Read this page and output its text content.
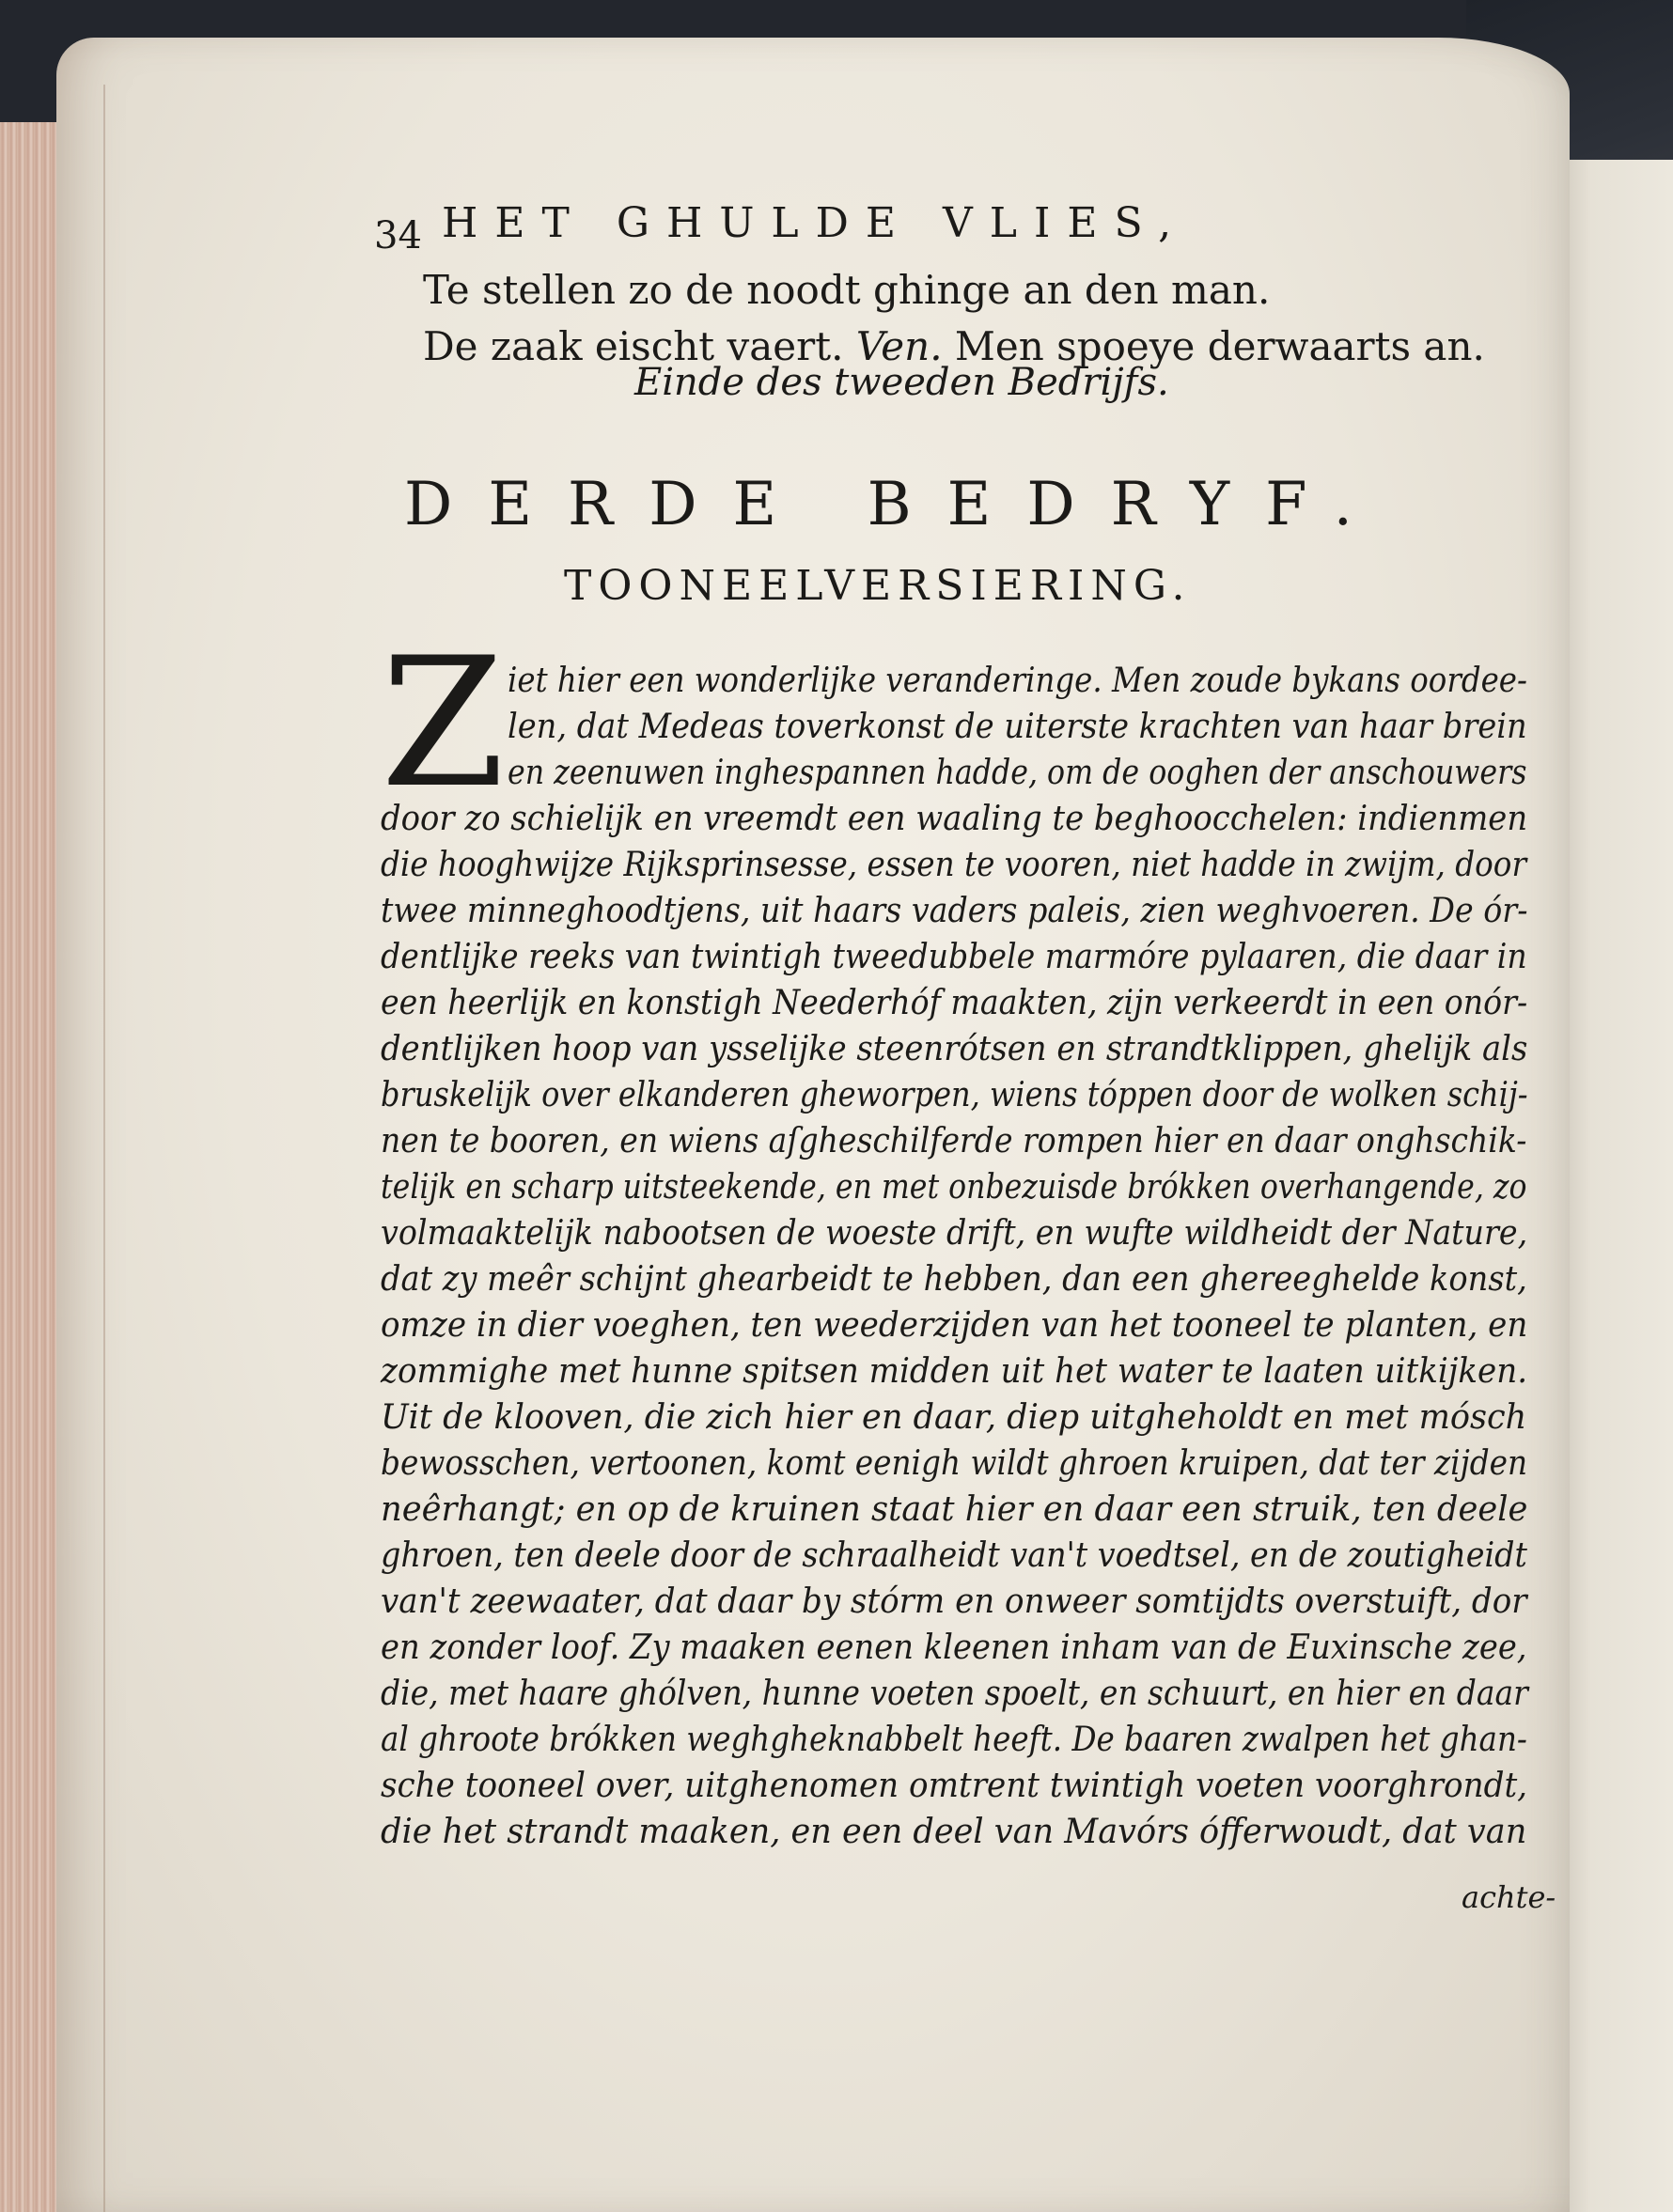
34 HET GHULDE VLIES,
Te stellen zo de noodt ghinge an den man.
De zaak eischt vaert. Ven. Men spoeye derwaarts an.
Einde des tweeden Bedrijfs.
DERDE BEDRYF.
TOONEELVERSIERING.
Z iet hier een wonderlijke veranderinge. Men zoude bykans oordee-
len, dat Medeas toverkonst de uiterste krachten van haar brein
en zeenuwen inghespannen hadde, om de ooghen der anschouwers
door zo schielijk en vreemdt een waaling te beghoocchelen: indienmen
die hooghwijze Rijksprinsesse, essen te vooren, niet hadde in zwijm, door
twee minneghoodtjens, uit haars vaders paleis, zien weghvoeren. De ór-
dentlijke reeks van twintigh tweedubbele marmóre pylaaren, die daar in
een heerlijk en konstigh Neederhóf maakten, zijn verkeerdt in een onór-
dentlijken hoop van ysselijke steenrótsen en strandtklippen, ghelijk als
bruskelijk over elkanderen gheworpen, wiens tóppen door de wolken schij-
nen te booren, en wiens aſgheschilferde rompen hier en daar onghschik-
telijk en scharp uitsteekende, en met onbezuisde brókken overhangende, zo
volmaaktelijk nabootsen de woeste drift, en wufte wildheidt der Nature,
dat zy meêr schijnt ghearbeidt te hebben, dan een ghereeghelde konst,
omze in dier voeghen, ten weederzijden van het tooneel te planten, en
zommighe met hunne spitsen midden uit het water te laaten uitkijken.
Uit de klooven, die zich hier en daar, diep uitgheholdt en met mósch
bewosschen, vertoonen, komt eenigh wildt ghroen kruipen, dat ter zijden
neêrhangt; en op de kruinen staat hier en daar een struik, ten deele
ghroen, ten deele door de schraalheidt van't voedtsel, en de zoutigheidt
van't zeewaater, dat daar by stórm en onweer somtijdts overstuift, dor
en zonder loof. Zy maaken eenen kleenen inham van de Euxinsche zee,
die, met haare ghólven, hunne voeten spoelt, en schuurt, en hier en daar
al ghroote brókken weghgheknabbelt heeft. De baaren zwalpen het ghan-
sche tooneel over, uitghenomen omtrent twintigh voeten voorghrondt,
die het strandt maaken, en een deel van Mavórs ófferwoudt, dat van
achte-
